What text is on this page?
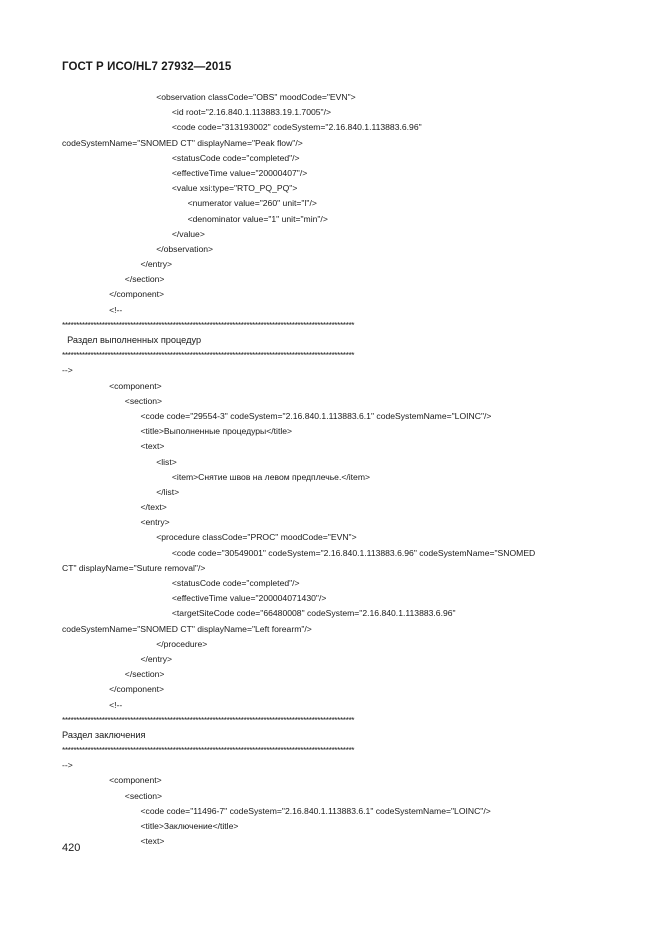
ГОСТ Р ИСО/HL7 27932—2015
<observation classCode="OBS" moodCode="EVN">
<id root="2.16.840.1.113883.19.1.7005"/>
<code code="313193002" codeSystem="2.16.840.1.113883.6.96"
codeSystemName="SNOMED CT" displayName="Peak flow"/>
<statusCode code="completed"/>
<effectiveTime value="20000407"/>
<value xsi:type="RTO_PQ_PQ">
<numerator value="260" unit="l"/>
<denominator value="1" unit="min"/>
</value>
</observation>
</entry>
</section>
</component>
<!--
*******************************************************************************************************
Раздел выполненных процедур
*******************************************************************************************************
-->
<component>
<section>
<code code="29554-3" codeSystem="2.16.840.1.113883.6.1" codeSystemName="LOINC"/>
<title>Выполненные процедуры</title>
<text>
<list>
<item>Снятие швов на левом предплечье.</item>
</list>
</text>
<entry>
<procedure classCode="PROC" moodCode="EVN">
<code code="30549001" codeSystem="2.16.840.1.113883.6.96" codeSystemName="SNOMED
CT" displayName="Suture removal"/>
<statusCode code="completed"/>
<effectiveTime value="200004071430"/>
<targetSiteCode code="66480008" codeSystem="2.16.840.1.113883.6.96"
codeSystemName="SNOMED CT" displayName="Left forearm"/>
</procedure>
</entry>
</section>
</component>
<!--
*******************************************************************************************************
Раздел заключения
*******************************************************************************************************
-->
<component>
<section>
<code code="11496-7" codeSystem="2.16.840.1.113883.6.1" codeSystemName="LOINC"/>
<title>Заключение</title>
<text>
420
